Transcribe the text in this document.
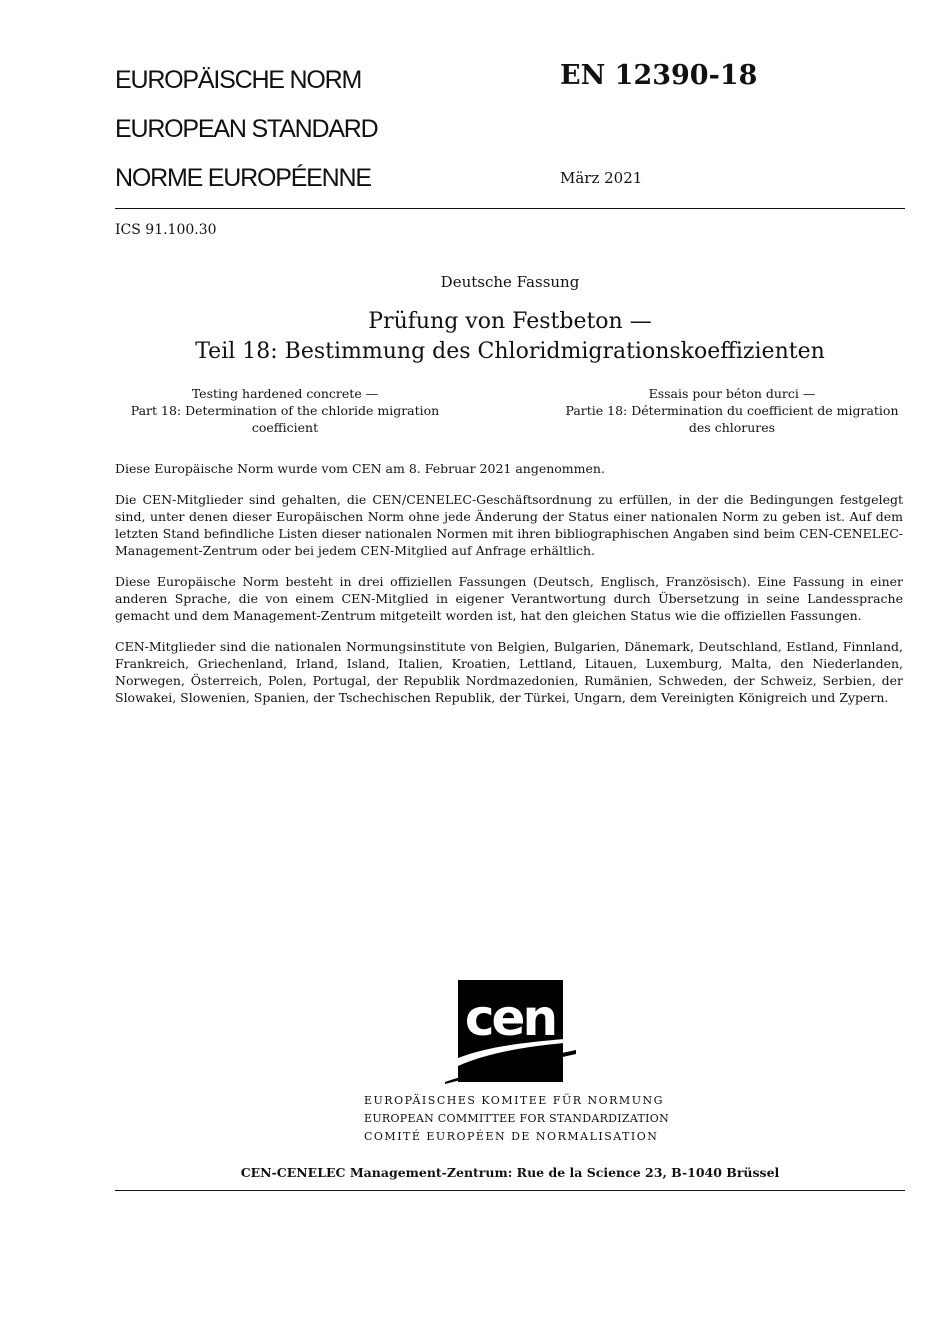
EUROPÄISCHE NORM
EUROPEAN STANDARD
NORME EUROPÉENNE
EN 12390-18
März 2021
ICS 91.100.30
Deutsche Fassung
Prüfung von Festbeton —
Teil 18: Bestimmung des Chloridmigrationskoeffizienten
Testing hardened concrete —
Part 18: Determination of the chloride migration
coefficient
Essais pour béton durci —
Partie 18: Détermination du coefficient de migration
des chlorures

Diese Europäische Norm wurde vom CEN am 8. Februar 2021 angenommen.

Die CEN-Mitglieder sind gehalten, die CEN/CENELEC-Geschäftsordnung zu erfüllen, in der die Bedingungen festgelegt sind, unter denen dieser Europäischen Norm ohne jede Änderung der Status einer nationalen Norm zu geben ist. Auf dem letzten Stand befindliche Listen dieser nationalen Normen mit ihren bibliographischen Angaben sind beim CEN-CENELEC-Management-Zentrum oder bei jedem CEN-Mitglied auf Anfrage erhältlich.

Diese Europäische Norm besteht in drei offiziellen Fassungen (Deutsch, Englisch, Französisch). Eine Fassung in einer anderen Sprache, die von einem CEN-Mitglied in eigener Verantwortung durch Übersetzung in seine Landessprache gemacht und dem Management-Zentrum mitgeteilt worden ist, hat den gleichen Status wie die offiziellen Fassungen.

CEN-Mitglieder sind die nationalen Normungsinstitute von Belgien, Bulgarien, Dänemark, Deutschland, Estland, Finnland, Frankreich, Griechenland, Irland, Island, Italien, Kroatien, Lettland, Litauen, Luxemburg, Malta, den Niederlanden, Norwegen, Österreich, Polen, Portugal, der Republik Nordmazedonien, Rumänien, Schweden, der Schweiz, Serbien, der Slowakei, Slowenien, Spanien, der Tschechischen Republik, der Türkei, Ungarn, dem Vereinigten Königreich und Zypern.

cen
EUROPÄISCHES KOMITEE FÜR NORMUNG
EUROPEAN COMMITTEE FOR STANDARDIZATION
COMITÉ EUROPÉEN DE NORMALISATION
CEN-CENELEC Management-Zentrum: Rue de la Science 23, B-1040 Brüssel
